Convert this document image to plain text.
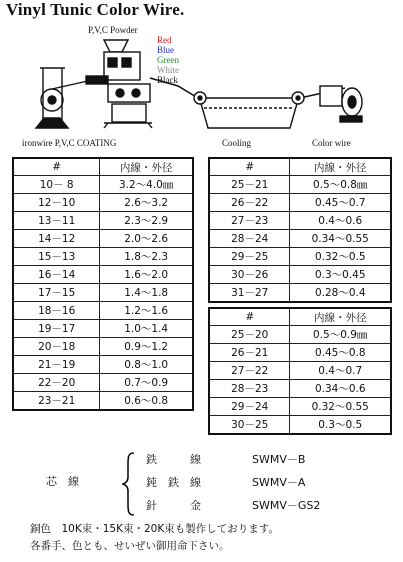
Vinyl Tunic Color Wire.
P,V,C Powder
Red
Blue
Green
White
Black
ironwire P,V,C COATING	Cooling	Color wire
#	内線・外径
10－ 8	3.2～4.0㎜
12－10	2.6～3.2
13－11	2.3～2.9
14－12	2.0～2.6
15－13	1.8～2.3
16－14	1.6～2.0
17－15	1.4～1.8
18－16	1.2～1.6
19－17	1.0～1.4
20－18	0.9～1.2
21－19	0.8～1.0
22－20	0.7～0.9
23－21	0.6～0.8
#	内線・外径
25－21	0.5～0.8㎜
26－22	0.45～0.7
27－23	0.4～0.6
28－24	0.34～0.55
29－25	0.32～0.5
30－26	0.3～0.45
31－27	0.28～0.4
#	内線・外径
25－20	0.5～0.9㎜
26－21	0.45～0.8
27－22	0.4～0.7
28－23	0.34～0.6
29－24	0.32～0.55
30－25	0.3～0.5
芯　線
鉄　　　線	SWMV－B
鈍　鉄　線	SWMV－A
針　　　金	SWMV－GS2
銅色　10K束・15K束・20K束も製作しております。
各番手、色とも、せいぜい御用命下さい。
